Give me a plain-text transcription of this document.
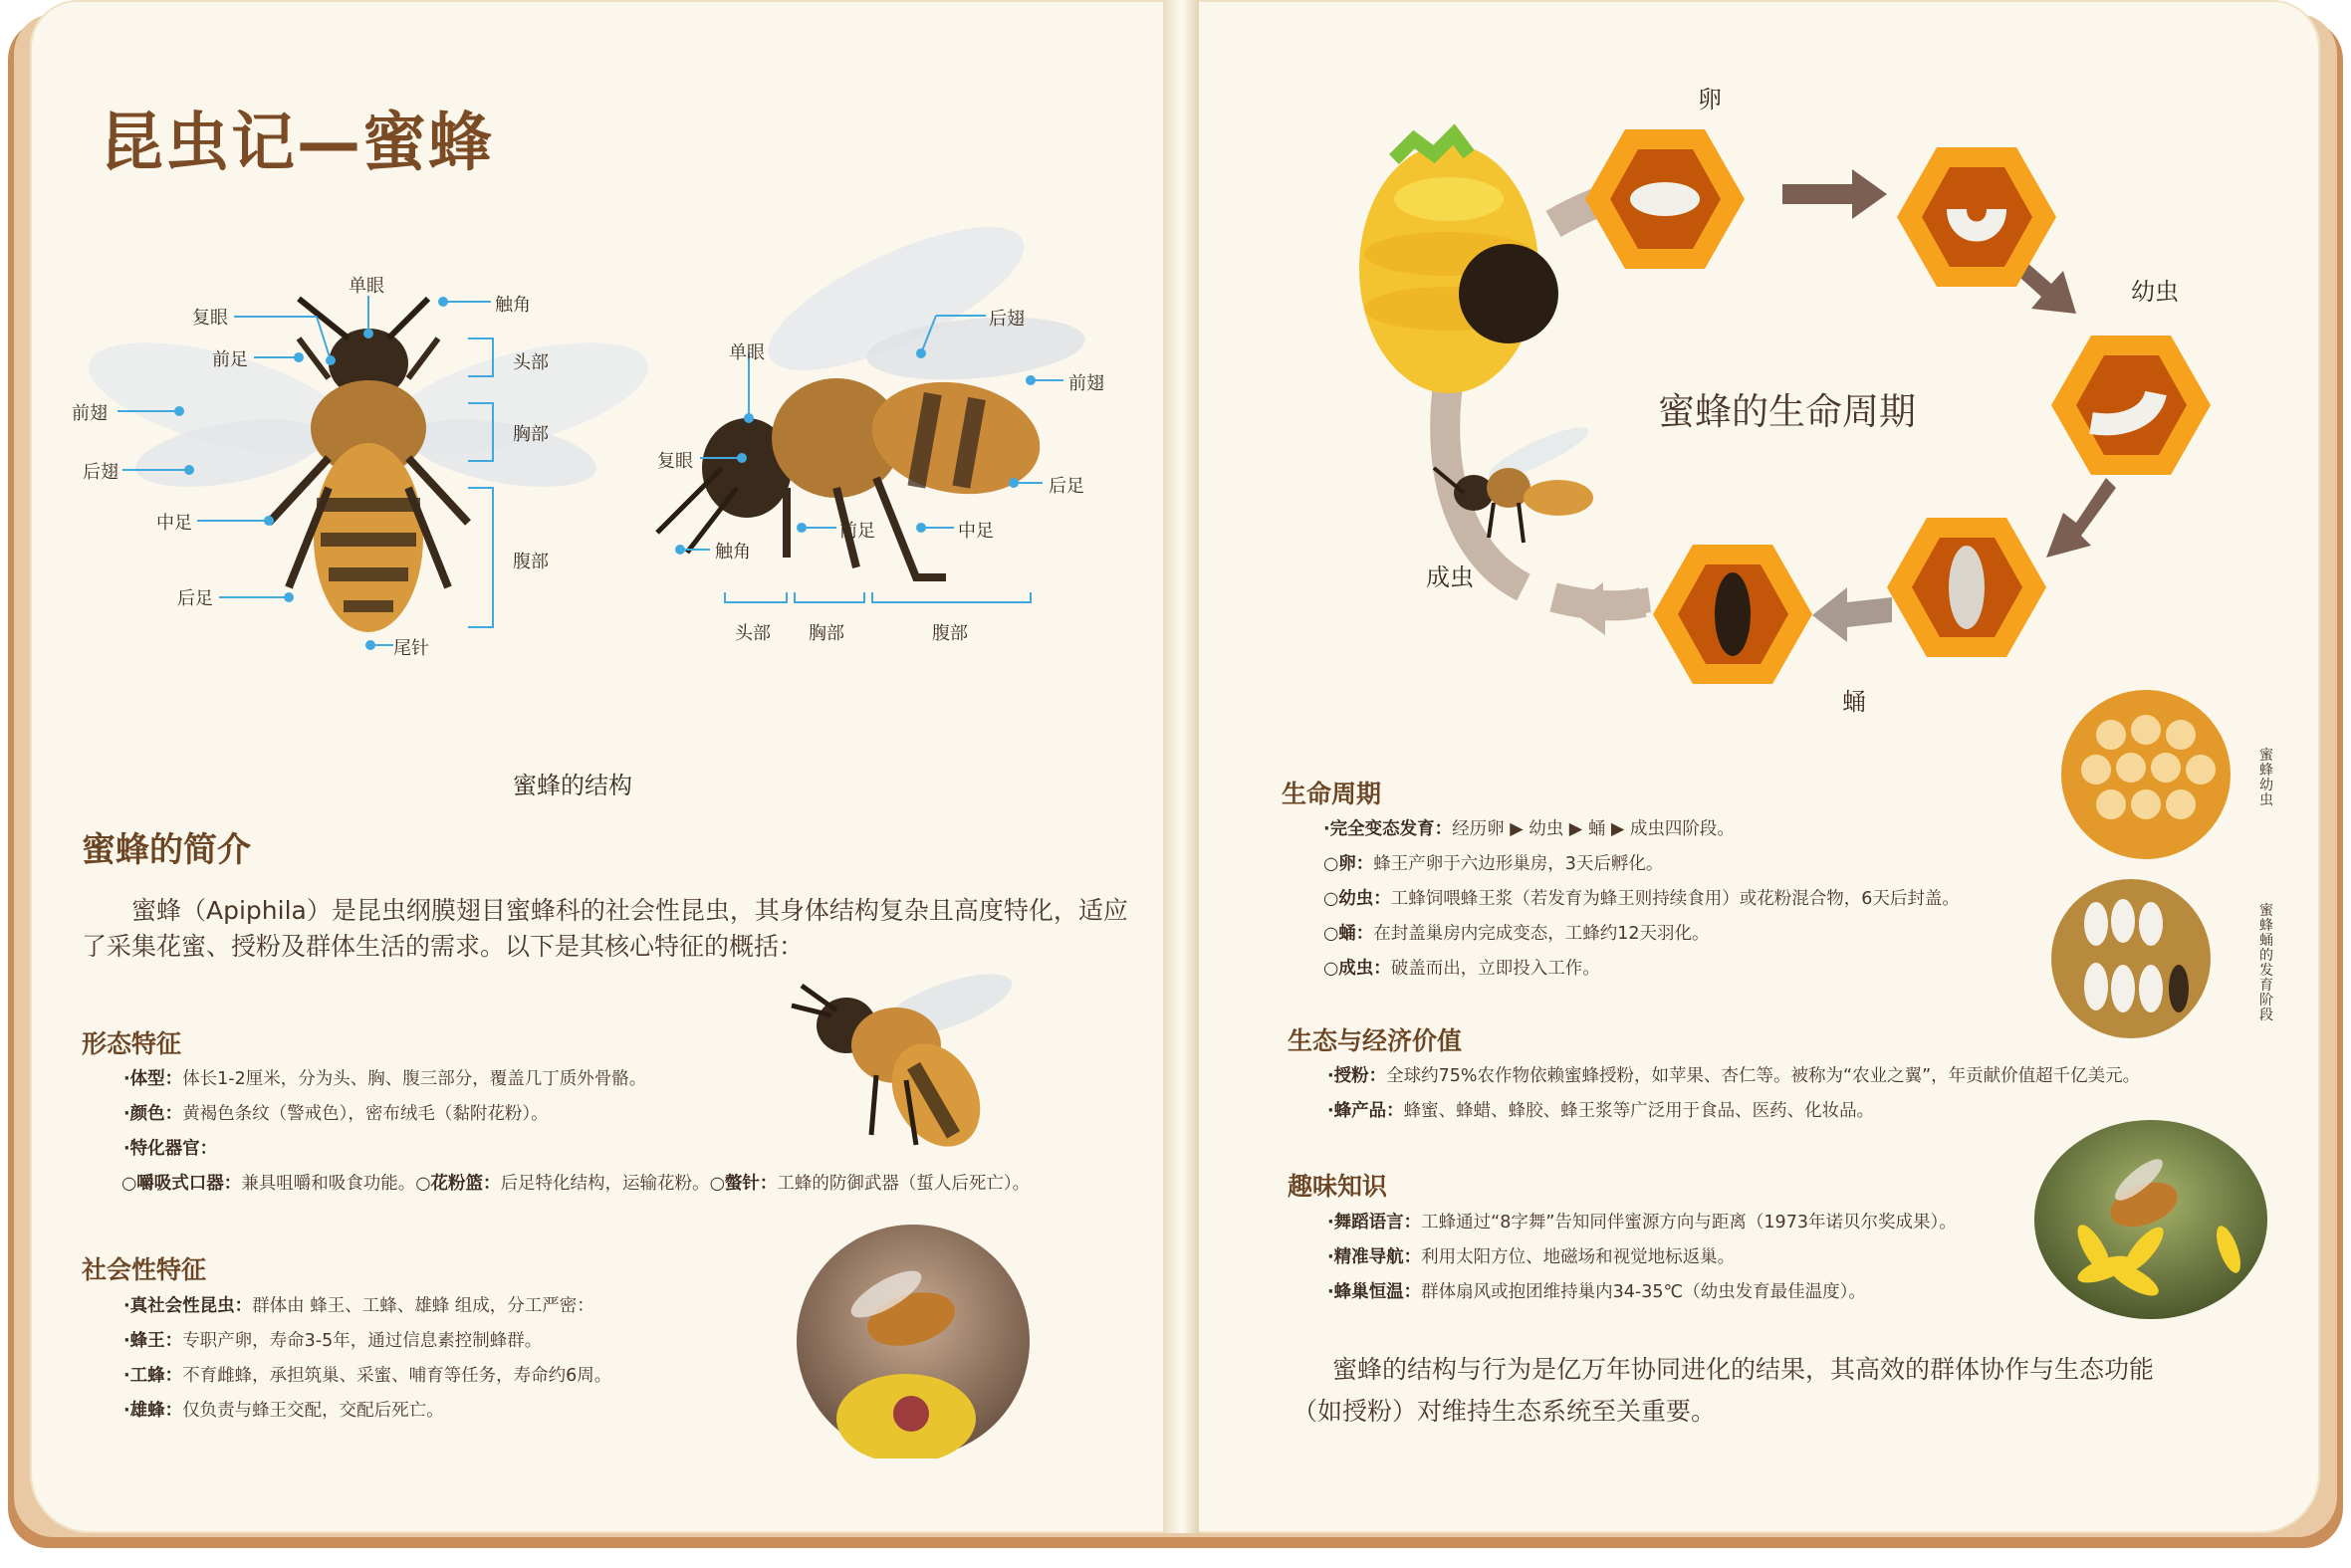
昆虫记—蜜蜂
单眼
复眼
触角
前足	头部
前翅
胸部
后翅
中足
腹部
后足
尾针
后翅
单眼
前翅
复眼
后足
前足	中足
触角
头部 胸部	腹部
蜜蜂的结构
蜜蜂的简介
蜜蜂（Apiphila）是昆虫纲膜翅目蜜蜂科的社会性昆虫，其身体结构复杂且高度特化，适应了采集花蜜、授粉及群体生活的需求。以下是其核心特征的概括：
形态特征
·体型：体长1-2厘米，分为头、胸、腹三部分，覆盖几丁质外骨骼。
·颜色：黄褐色条纹（警戒色），密布绒毛（黏附花粉）。
·特化器官：
○嚼吸式口器：兼具咀嚼和吸食功能。○花粉篮：后足特化结构，运输花粉。○螫针：工蜂的防御武器（蜇人后死亡）。
社会性特征
·真社会性昆虫：群体由 蜂王、工蜂、雄蜂 组成，分工严密：
·蜂王：专职产卵，寿命3-5年，通过信息素控制蜂群。
·工蜂：不育雌蜂，承担筑巢、采蜜、哺育等任务，寿命约6周。
·雄蜂：仅负责与蜂王交配，交配后死亡。
卵
幼虫
蛹
成虫
蜜蜂的生命周期
蜜蜂幼虫
蜜蜂蛹的发育阶段
生命周期
·完全变态发育：经历卵 ▶ 幼虫 ▶ 蛹 ▶ 成虫四阶段。
○卵：蜂王产卵于六边形巢房，3天后孵化。
○幼虫：工蜂饲喂蜂王浆（若发育为蜂王则持续食用）或花粉混合物，6天后封盖。
○蛹：在封盖巢房内完成变态，工蜂约12天羽化。
○成虫：破盖而出，立即投入工作。
生态与经济价值
·授粉：全球约75%农作物依赖蜜蜂授粉，如苹果、杏仁等。被称为“农业之翼”，年贡献价值超千亿美元。
·蜂产品：蜂蜜、蜂蜡、蜂胶、蜂王浆等广泛用于食品、医药、化妆品。
趣味知识
·舞蹈语言：工蜂通过“8字舞”告知同伴蜜源方向与距离（1973年诺贝尔奖成果）。
·精准导航：利用太阳方位、地磁场和视觉地标返巢。
·蜂巢恒温：群体扇风或抱团维持巢内34-35℃（幼虫发育最佳温度）。
蜜蜂的结构与行为是亿万年协同进化的结果，其高效的群体协作与生态功能（如授粉）对维持生态系统至关重要。
